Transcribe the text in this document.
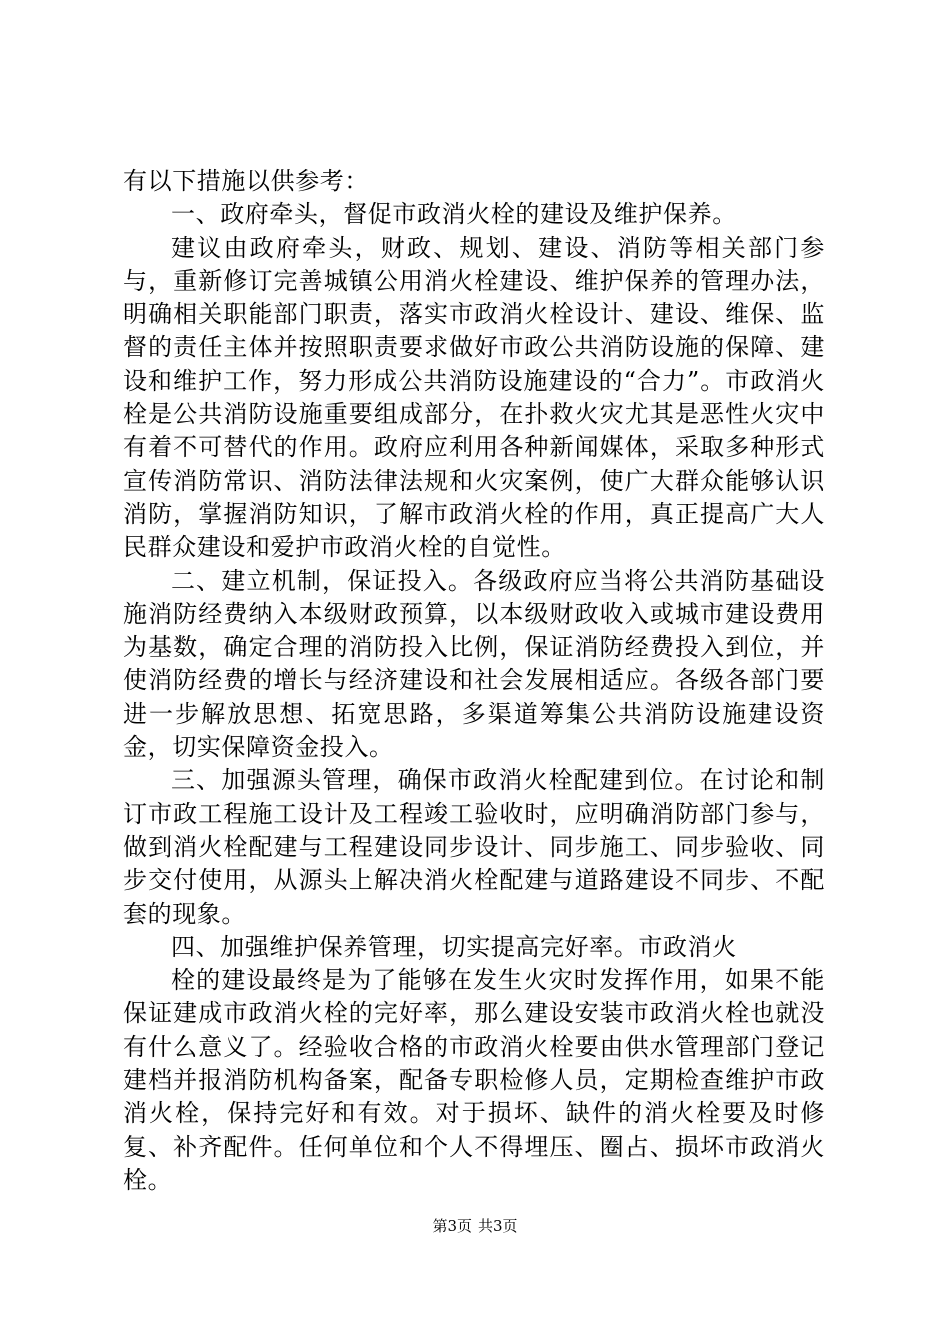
有以下措施以供参考：

一、政府牵头，督促市政消火栓的建设及维护保养。

建议由政府牵头，财政、规划、建设、消防等相关部门参与，重新修订完善城镇公用消火栓建设、维护保养的管理办法，明确相关职能部门职责，落实市政消火栓设计、建设、维保、监督的责任主体并按照职责要求做好市政公共消防设施的保障、建设和维护工作，努力形成公共消防设施建设的“合力”。市政消火栓是公共消防设施重要组成部分，在扑救火灾尤其是恶性火灾中有着不可替代的作用。政府应利用各种新闻媒体，采取多种形式宣传消防常识、消防法律法规和火灾案例，使广大群众能够认识消防，掌握消防知识，了解市政消火栓的作用，真正提高广大人民群众建设和爱护市政消火栓的自觉性。

二、建立机制，保证投入。各级政府应当将公共消防基础设施消防经费纳入本级财政预算，以本级财政收入或城市建设费用为基数，确定合理的消防投入比例，保证消防经费投入到位，并使消防经费的增长与经济建设和社会发展相适应。各级各部门要进一步解放思想、拓宽思路，多渠道筹集公共消防设施建设资金，切实保障资金投入。

三、加强源头管理，确保市政消火栓配建到位。在讨论和制订市政工程施工设计及工程竣工验收时，应明确消防部门参与，做到消火栓配建与工程建设同步设计、同步施工、同步验收、同步交付使用，从源头上解决消火栓配建与道路建设不同步、不配套的现象。

四、加强维护保养管理，切实提高完好率。市政消火

栓的建设最终是为了能够在发生火灾时发挥作用，如果不能保证建成市政消火栓的完好率，那么建设安装市政消火栓也就没有什么意义了。经验收合格的市政消火栓要由供水管理部门登记建档并报消防机构备案，配备专职检修人员，定期检查维护市政消火栓，保持完好和有效。对于损坏、缺件的消火栓要及时修复、补齐配件。任何单位和个人不得埋压、圈占、损坏市政消火栓。

第3页 共3页
